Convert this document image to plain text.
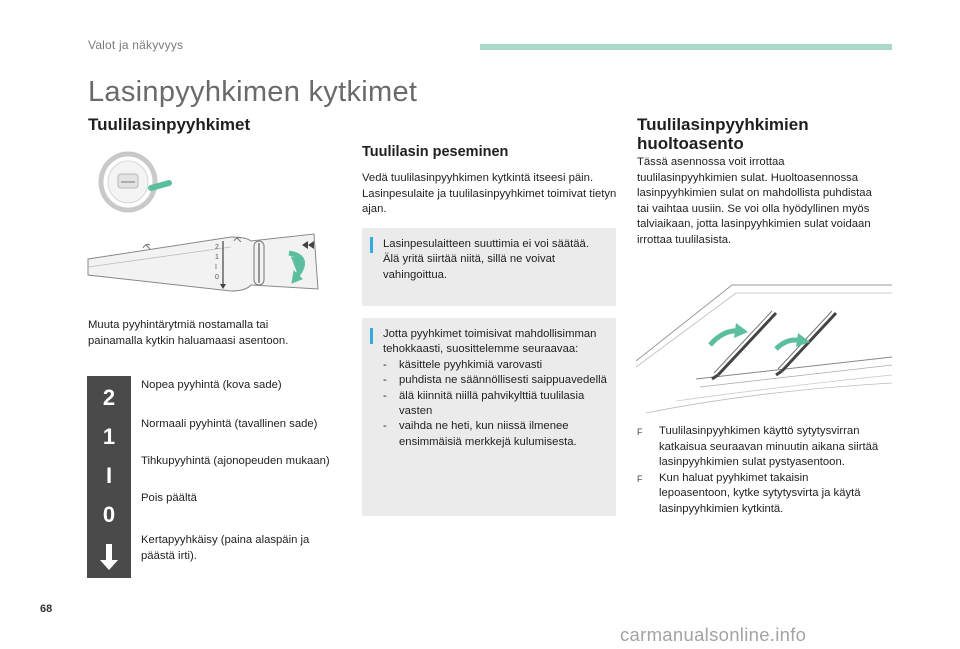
Valot ja näkyvyys
Lasinpyyhkimen kytkimet
Tuulilasinpyyhkimet
2
1
I
0
Muuta pyyhintärytmiä nostamalla tai painamalla kytkin haluamaasi asentoon.
2	Nopea pyyhintä (kova sade)
1	Normaali pyyhintä (tavallinen sade)
I
Tihkupyyhintä (ajonopeuden mukaan)
0
Pois päältä
Kertapyyhkäisy (paina alaspäin ja päästä irti).
Tuulilasin peseminen
Vedä tuulilasinpyyhkimen kytkintä itseesi päin. Lasinpesulaite ja tuulilasinpyyhkimet toimivat tietyn ajan.
Lasinpesulaitteen suuttimia ei voi säätää. Älä yritä siirtää niitä, sillä ne voivat vahingoittua.
Jotta pyyhkimet toimisivat mahdollisimman tehokkaasti, suosittelemme seuraavaa:
- käsittele pyyhkimiä varovasti
- puhdista ne säännöllisesti saippuavedellä
- älä kiinnitä niillä pahvikylttiä tuulilasia vasten
- vaihda ne heti, kun niissä ilmenee ensimmäisiä merkkejä kulumisesta.
Tuulilasinpyyhkimien huoltoasento
Tässä asennossa voit irrottaa tuulilasinpyyhkimien sulat. Huoltoasennossa lasinpyyhkimien sulat on mahdollista puhdistaa tai vaihtaa uusiin. Se voi olla hyödyllinen myös talviaikaan, jotta lasinpyyhkimien sulat voidaan irrottaa tuulilasista.
F Tuulilasinpyyhkimen käyttö sytytysvirran katkaisua seuraavan minuutin aikana siirtää lasinpyyhkimien sulat pystyasentoon.
F Kun haluat pyyhkimet takaisin lepoasentoon, kytke sytytysvirta ja käytä lasinpyyhkimien kytkintä.
68
carmanualsonline.info
